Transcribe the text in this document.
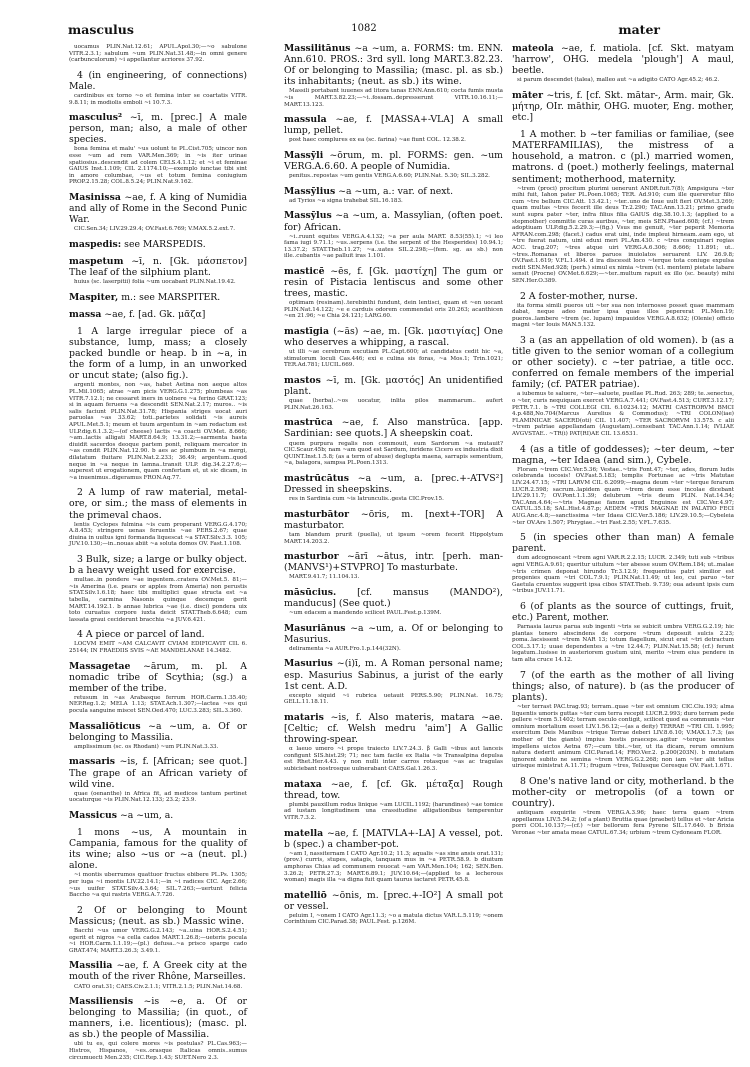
masculus	1082	mater

uocamus PLIN.Nat.12.61; APUL.Apol.30;—~o sabulone VITR.2.3.1; sabulum ~um PLIN.Nat.31.48;—in omni genere (carbunculorum) ~i appellantur acriores 37.92.

4 (in engineering, of connections) Male.

cardinibus ex torno ~o et femina inter se coartatis VITR. 9.8.11; in modiolis emboli ~i 10.7.3.

masculus² ~ī, m. [prec.] A male person, man; also, a male of other species.

bona femina et malu' ~us uolunt te PL.Cist.705; uincor non esse ~um ad rem VAR.Men.369; in ~is iter urinae spatiosius..descendit ad colem CELS.4.1.12; et ~i et feminae GAIUS Inst.1.109; CIL 2.1174.10;—exemplo iunctae tibi sint in amore columbae, ~us et totum femina coniugium PROP.2.15.28; COL.8.5.24; PLIN.Nat.9.162.

Masinissa ~ae, f. A king of Numidia and ally of Rome in the Second Punic War.

CIC.Sen.34; LIV.29.29.4; OV.Fast.6.769; V.MAX.5.2.ext.7.

maspedis: see MARSPEDIS.

maspetum ~ī, n. [Gk. μάσπετον] The leaf of the silphium plant.

huius (sc. laserpitii) folia ~um uocabant PLIN.Nat.19.42.

Maspiter, m.: see MARSPITER.

massa ~ae, f. [ad. Gk. μᾶζα]

1 A large irregular piece of a substance, lump, mass; a closely packed bundle or heap. b in ~a, in the form of a lump, in an unworked or uncut state; (also fig.).

argenti montes, non ~as, habet Aetina non aeque altos PL.Mil.1065; atrae ~am picis VERG.G.1.275; plumbeas ~as VITR.7.12.1; ne cessaret iners in uolnere ~a ferino GRAT.123; si in aquam feruens ~a descendit SEN.Nat.2.17; muros.. ~is salis faciunt PLIN.Nat.31.78; Hispania striges uocat auri paruolas ~as 33.62; toti..parietes solidati ~is aureis APUL.Met.5.1; meum et tuum argentum in ~am redactum est ULP.dig.6.1.3.2;—(of cheese) lactis ~a coacti OV.Met. 8.666; ~am..lactis alligati MART.8.64.9; 13.31.2;—sarmenta hasta diuidit sacerdos deoque partem ponit, reliquam mercator in ~as condit PLIN.Nat.12.90. b aes ac plumbum in ~a mergi, dilatatum fluitare PLIN.Nat.2.233; 36.49; argentum..quod neque in ~a neque in lamna..transit ULP. dig.34.2.27.6;—superest ut erogationem, quam confertam et, ut sic dicam, in ~a inuenimus..digeramus FRON.Aq.77.

2 A lump of raw material, metal-ore, or sim.; the mass of elements in the primeval chaos.

lentis Cyclopes fulmina ~is cum properant VERG.G.4.170; A.8.453; stringere uenas feruentis ~ae PERS.2.67; quae diuina in uultus igni formanda liquescat ~a STAT.Silv.3.3. 105; JUV.10.130;—in..nouas abiit ~a soluta domos OV. Fast.1.108.

3 Bulk, size; a large or bulky object. b a heavy weight used for exercise.

multae..in pondere ~ae ingentem..cratera OV.Met.5. 81;—~is Amerina (i.e. pears or apples from Ameria) non perustis STAT.Silv.1.6.18; haec tibi multiplici quae structa est ~a tabella, carmina Nasonis quinque decemque gerit MART.14.192.1. b annae lubrica ~ae (i.e. disci) pondera uix toto curuatus corpore iuxta deicit STAT.Theb.6.648; cum lassata graui ceciderunt bracchia ~a JUV.6.421.

4 A piece or parcel of land.

LOCVM EMIT ~AM CALCAVIT CVIAM EDIFICAVIT CIL 6. 25144; IN FRAEDIIS SVIS ~AE MANDELANAE 14.3482.

Massagetae ~ārum, m. pl. A nomadic tribe of Scythia; (sg.) a member of the tribe.

retusum in ~as Arabasque ferrum HOR.Carm.1.35.40; NEP.Reg.1.2; MELA 1.13; STAT.Ach.1.307;—lactea ~es qui pocula sanguine miscet SEN.Oed.470; LUC.3.283; SIL.3.360.

Massaliōticus ~a ~um, a. Of or belonging to Massilia.

amplissimum (sc. os Rhodani) ~um PLIN.Nat.3.33.

massaris ~is, f. [African; see quot.] The grape of an African variety of wild vine.

quae (oenanthe) in Africa fit, ad medicos tantum pertinet uocaturque ~is PLIN.Nat.12.133; 23.2; 23.9.

Massicus ~a ~um, a.

1 mons ~us, A mountain in Campania, famous for the quality of its wine; also ~us or ~a (neut. pl.) alone.

~i montis uberrumos quattuor fructus ebibere PL.Ps. 1305; per iuga ~i montis LIV.22.14.1;—in ~i radices CIC. Agr.2.66; ~us uuifer STAT.Silv.4.3.64; SIL.7.263;—uertunt felicia Baccho ~a qui rastris VERG.A.7.726.

2 Of or belonging to Mount Massicus; (neut. as sb.) Massic wine.

Bacchi ~us umor VERG.G.2.143; ~a..uina HOR.S.2.4.51; egerit et nigros ~a cella cados MART.1.26.8;—ueteris pocula ~i HOR.Carm.1.1.19;—(pl.) defusa..~a prisco sparge cado GRAT.474; MART.3.26.3; 3.49.1.

Massilia ~ae, f. A Greek city at the mouth of the river Rhône, Marseilles.

CATO orat.31; CAES.Civ.2.1.1; VITR.2.1.5; PLIN.Nat.14.68.

Massiliensis ~is ~e, a. Of or belonging to Massilia; (in quot., of manners, i.e. licentious); (masc. pl. as sb.) the people of Massilia.

ubi tu es, qui colere mores ~is postulas? PL.Cas.963;—Histros, Hispanos, ~es..orasque Italicas omnis..sumus circumuecti Men.235; CIC.Rep.1.43; SUET.Nero 2.3.

Massilitānus ~a ~um, a. FORMS: tm. ENN. Ann.610. PROS.: 3rd syll. long MART.3.82.23. Of or belonging to Massilia; (masc. pl. as sb.) its inhabitants; (neut. as sb.) its wine.

Massili portabant iuuenes ad litora tanas ENN.Ann.610; cocta fumis musta ~is MART.3.82.23;—~i..fossam..depresserunt VITR.10.16.11;—MART.13.123.

massula ~ae, f. [MASSA+-VLA] A small lump, pellet.

post haec complures ex ea (sc. farina) ~ae fiunt COL. 12.38.2.

Massȳli ~ōrum, m. pl. FORMS: gen. ~um VERG.A.6.60. A people of Numidia.

penitus..repostas ~um gentis VERG.A.6.60; PLIN.Nat. 5.30; SIL.3.282.

Massȳlius ~a ~um, a.: var. of next.

ad Tyrios ~a signa trahebat SIL.16.183.

Massȳlus ~a ~um, a. Massylian, (often poet. for) African.

~i..ruunt equites VERG.A.4.132; ~a per aula MART. 8.53(55).1; ~i leo fama iugi 9.71.1; ~us..serpens (i.e. the serpent of the Hesperides) 10.94.1; 13.37.2; STAT.Theb.11.27; ~a..uates SIL.2.298;—(fem. sg. as sb.) non ille..cubantis ~ae palluit iras 1.101.

masticē ~ēs, f. [Gk. μαστίχη] The gum or resin of Pistacia lentiscus and some other trees, mastic.

optimam (resinam)..terebinthi fundunt, dein lentisci, quam et ~en uocant PLIN.Nat.14.122; ~e e carduis odorem commendat oris 20.263; acanthicen ~en 21.96; ~e Chia 24.121; LARG.60.

mastīgia (~ās) ~ae, m. [Gk. μαστιγίας] One who deserves a whipping, a rascal.

ut illi ~ae cerebrum excutiam PL.Capt.600; at candidatus cedit hic ~a, stimulorum loculi Cas.446; exi e culina sis foras, ~a Mos.1; Trin.1021; TER.Ad.781; LUCIL.669.

mastos ~ī, m. [Gk. μαστός] An unidentified plant.

quae (herba)..~os uocatur, inlita pilos mammarum.. aufert PLIN.Nat.26.163.

mastrūca ~ae, f. Also manstrūca. [app. Sardinian: see quots.] A sheepskin coat.

quem purpura regalis non commouit, eum Sardorum ~a mutauit? CIC.Scaur.45b; nam ~am quod est Sardum, inridens Cicero ex industria dixit QUINT.Inst.1.5.8; (as a term of abuse) deglupta maena, sarrapis sementium, ~a, balagora, sampsa PL.Poen.1313.

mastrūcātus ~a ~um, a. [prec.+-ATVS²] Dressed in sheepskins.

res in Sardinia cum ~is latrunculis..gesta CIC.Prov.15.

masturbātor ~ōris, m. [next+-TOR] A masturbator.

tam blandum prurit (puella), ut ipsum ~orem fecerit Hippolytum MART.14.203.2.

masturbor ~ārī ~ātus, intr. [perh. man-(MANVS¹)+STVPRO] To masturbate.

MART.9.41.7; 11.104.13.

māsūcius. [cf. mansus (MANDO²), manducus] (See quot.)

~um edacem a mandendo scilicet PAUL.Fest.p.139M.

Masuriānus ~a ~um, a. Of or belonging to Masurius.

deliramenta ~a AUR.Fro.1.p.144(32N).

Masurius ~(i)ī, m. A Roman personal name; esp. Masurius Sabinus, a jurist of the early 1st cent. A.D.

excepto siquid ~i rubrica uetauit PERS.5.90; PLIN.Nat. 16.75; GELL.11.18.11.

mataris ~is, f. Also materis, matara ~ae. [Celtic; cf. Welsh medru 'aim'] A Gallic throwing-spear.

α laeuo umero ~i prope traiecto LIV.7.24.3. β Galli ~ibus aut lanceis configunt SIS.hist.29; 71; nec tam facile ex Italia ~is Transalpina depulsa est Rhet.Her.4.43. γ non nulli inter carros rotasque ~as ac tragulas subiciebant nostrosque uulnerabant CAES.Gal.1.26.3.

mataxa ~ae, f. [cf. Gk. μέταξα] Rough thread, tow.

plumbi pauxillum rodus linique ~am LUCIL.1192; (harundines) ~ae tomice ad iustam longitudinem una crassitudine alligationibus temperentur VITR.7.3.2.

matella ~ae, f. [MATVLA+-LA] A vessel, pot. b (spec.) a chamber-pot.

~am I, nassiternam I CATO Agr.10.2; 11.3; aqualis ~as sine ansis orat.131; (prov.) curris, stupes, satagis, tanquam mus in ~a PETR.58.9. b diuitum amphoras Chias ad communem reuocat ~am VAR.Men.104; 162; SEN.Ben. 3.26.2; PETR.27.3; MART.6.89.1; JUV.10.64;—(applied to a lecherous woman) magis illa ~a digna fuit quam taurus iactaret PETR.45.8.

matelliō ~ōnis, m. [prec.+-IO²] A small pot or vessel.

peluim I, ~onem I CATO Agr.11.3; ~o a matula dictus VAR.L.5.119; ~onem Corinthium CIC.Parad.38; PAUL.Fest. p.126M.

mateola ~ae, f. matiola. [cf. Skt. matyam 'harrow', OHG. medela 'plough'] A maul, beetle.

si parum descendet (talea), malleo aut ~a adigito CATO Agr.45.2; 46.2.

māter ~tris, f. [cf. Skt. mātar-, Arm. mair, Gk. μήτηρ, OIr. māthir, OHG. muoter, Eng. mother, etc.]

1 A mother. b ~ter familias or familiae, (see MATERFAMILIAS), the mistress of a household, a matron. c (pl.) married women, matrons. d (poet.) motherly feelings, maternal sentiment; motherhood, maternity.

~trem (proci) procitum plurimi uenerunt ANDR.fuit.7(8); Ampsigura ~ter mihi fuit, Iahon pater PL.Poen.1065; TER. Ad.910; cum ille quereretur filio cum ~tre bellum CIC.Att. 13.42.1; ~ter..uno de Ioue uult fieri OV.Met.3.269; quam multas ~tres fecerit ille deus Tr.2.290; TAC.Ann.13.21; primo gradu sunt supra pater ~ter, infra filius filia GAIUS dig.38.10.1.3; (applied to a stepmother) committe curas auribus, ~ter, meis SEN.Phaed.608; (cf.) ~trem adoptiuam ULP.dig.5.2.29.3;—(fig.) Vsus me genuit, ~ter peperit Memoria AFRAN.com.298; (facet.) cadus erat uini, inde impleui hirneam..eam ego, ut ~tre fuerat natum, uini eduxi meri PL.Am.430. c ~tres conquinari regias ACC. trag.207; ~tres atque uiri VERG.A.6.306; 8.666; 11.891; ut.. ~tres..Romanas et liberos paruos inuiolatos seruarent LIV. 26.9.8; OV.Fast.1.619; V.FL.1.494. d ira discessit loco ~terque tota coniuge expulsa redit SEN.Med.928; (perh.) simul ex nimia ~trem (v.l. mentem) pietate labare sensit (Procne) OV.Met.6.629;—~ter..multum rapuit ex illo (sc. beauty) mihi SEN.Her.O.389.

2 A foster-mother, nurse.

ita forma simili pueros uti ~ter sua non internosse posset quae mammam dabat, neque adeo mater ipsa quae illos pepererat PL.Men.19; pueros..lambere ~trem (sc. lupam) impauidos VERG.A.8.632; (Olenie) officio magni ~ter Iouis MAN.5.132.

3 a (as an appellation of old women). b (as a title given to the senior woman of a collegium or other society). c ~ter patriae, a title occ. conferred on female members of the imperial family; (cf. PATER patriae).

a iubemus te saluere, ~ter—saluete, puellae PL.Rud. 263; 289; te..senectus, o ~ter, curis nequiquam exercet VERG.A.7.441; OV.Fast.4.513; CURT.3.12.17; PETR.7.1. b ~TRI COLLEGI CIL 6.10234.12; MATRI CASTRORVM BMCI 4.p.488,No.704(Marcus Aurelius & Commodus); ~TRI COLON(iae) FLAMINICAE SACERD(oti) CIL 11.407; ~TER SACRORVM 13.575. c alii ~trem patriae appellandam (Augustam)..censebant TAC.Ann.1.14; IVLIAE AVGVSTAE.. ~TR(i) PAT(RI)AE CIL 13.6531.

4 (as a title of goddesses); ~ter deum, ~ter magna, ~ter Idaea (and sim.), Cybele.

Floram ~trem CIC.Ver.5.36; Vestae..~tris Font.47; ~ter, ades, florum ludis celebranda iocosis! OV.Fast.5.183; templis Fortunae ac ~tris Matutae LIV.24.47.15; ~TRI LARVM CIL 6.2099;—magna deum ~ter ~terque ferarum LUCR.2.598; sacrum..lapidem quam ~trem deum esse incolae dicebant LIV.29.11.7; OV.Pont.1.1.39; delubrum ~tris deum PLIN. Nat.14.54; TAC.Ann.4.64;—~tris Magnae fanum apud Enguinos est CIC.Ver.4.97; CATUL.35.18; SAL.Hist.4.87.p; AEDEM ~TRIS MAGNAE IN PALATIO FECI AUG.Anc.4.8;—sanctissima ~ter Idaea CIC.Ver.5.186; LIV.29.10.5;—Cybeleia ~ter OV.Ars 1.507; Phrygiae..~tri Fast.2.55; V.FL.7.635.

5 (in species other than man) A female parent.

dum adcognoscant ~trem agni VAR.R.2.2.15; LUCR. 2.349; tuti sub ~tribus agni VERG.A.9.61; queritur uitulum ~ter abesse suum OV.Rem.184; ut..malae ~tris crimen deponat hirundo Tr.3.12.9; frequentius patri similior est progenies quam ~tri COL.7.9.1; PLIN.Nat.11.49; ut leo, cui paruo ~ter Gaetula cruentos suggerit ipsa cibos STAT.Theb. 9.739; oua adsunt ipsis cum ~tribus JUV.11.71.

6 (of plants as the source of cuttings, fruit, etc.) Parent, mother.

Parnasia laurus parua sub ingenti ~tris se subicit umbra VERG.G.2.19; hic plantas tenero abscindens de corpore ~trum deposuit sulcis 2.23; poma..lacsissent ~trem NAR 13; totum flagellum, sicut erat ~tri detractum COL.3.17.1; uuae dependentes a ~tre 12.44.7; PLIN.Nat.15.58; (cf.) ferunt legatum..lusisse in austeriorem gustum uini, merito ~trem eius pendere in tam alta cruce 14.12.

7 (of the earth as the mother of all living things; also, of nature). b (as the producer of plants).

~ter terrast PAC.trag.93; terram..quae ~ter est omnium CIC.Clu.193; alma liquentis umoris guttas ~ter cum terra recepit LUCR.2.993; duro terram pede pellere ~trem 5.1402; terram osculo contigit, scilicet quod ea communis ~ter omnium mortalium esset LIV.1.56.12;—(as a deity) TERRAE ~TRI CIL 1.995; exercitum Deis Manibus ~trique Terrae deberi LIV.8.6.10; V.MAX.1.7.3; (as mother of the giants) impius hostis praeceps..agitur ~terque iacentes impellens uictos Aetna 67;—cum tibi..~ter, ut ita dicam, rerum omnium natura dederit animum CIC.Parad.14; FRO.Ver.2. p.200(203N). b mutatam ignorent subito ne semina ~trem VERG.G.2.268; non iam ~ter alit tellus uirisque ministrat A.11.71; frugum ~tres, Tellusque Ceresque OV. Fast.1.671.

8 One's native land or city, motherland. b the mother-city or metropolis (of a town or country).

antiquam exquirite ~trem VERG.A.3.96; haec terra quam ~trem appellamus LIV.5.54.2; (of a plant) Bruttia quae (praebet) tellus et ~ter Aricia porri COL.10.137;—(cf.) ~ter bellorum fera Pyrene SIL.17.640. b Brixia Veronae ~ter amata meae CATUL.67.34; urbium ~trem Cydoneam FLOR.
